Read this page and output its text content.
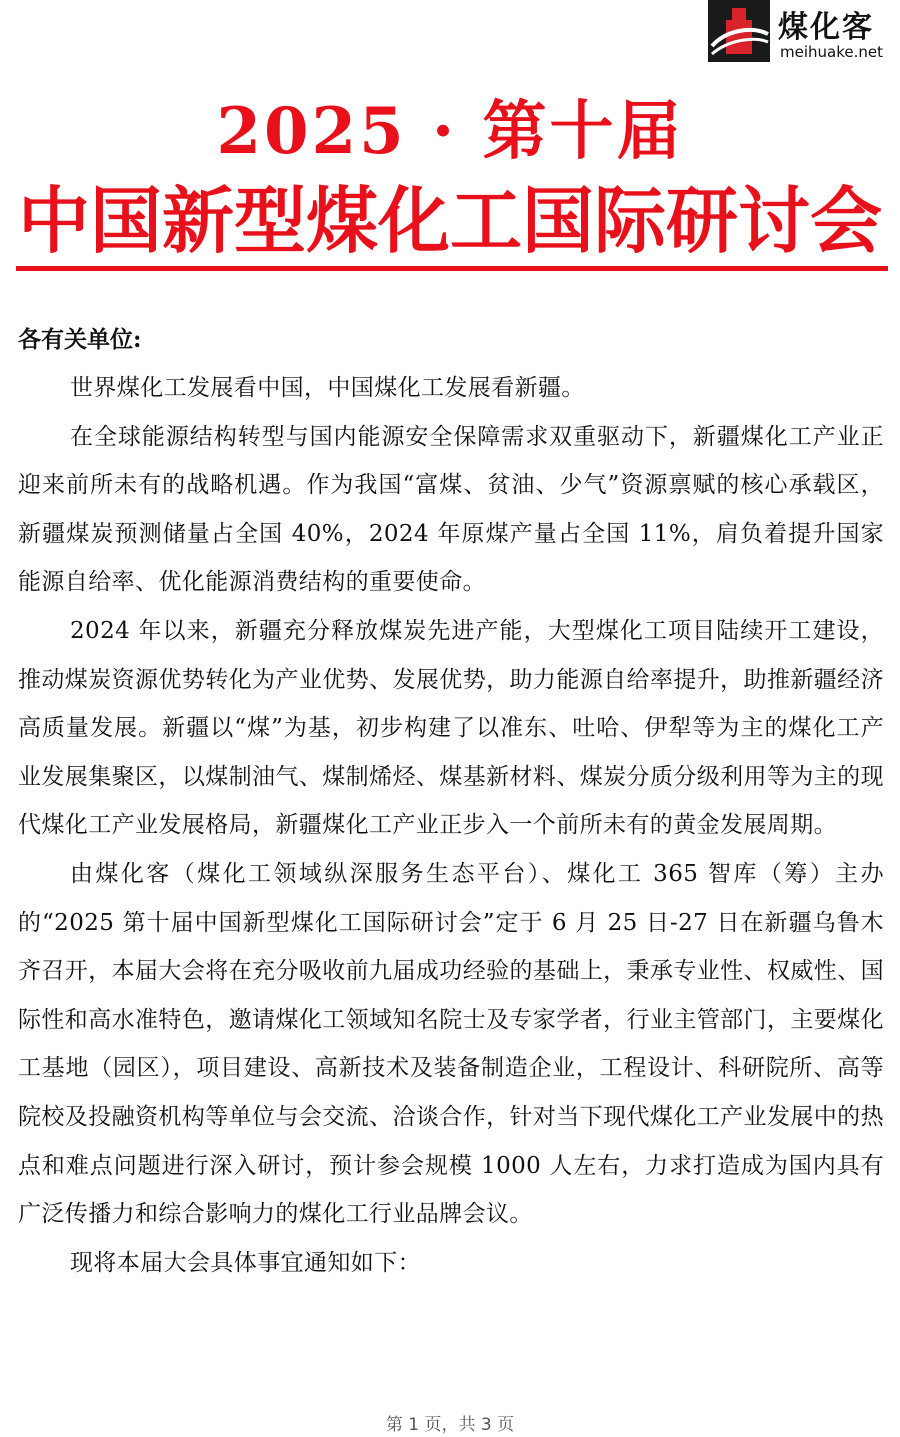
煤化客
meihuake.net
2025 · 第十届
中国新型煤化工国际研讨会
各有关单位:

世界煤化工发展看中国，中国煤化工发展看新疆。

在全球能源结构转型与国内能源安全保障需求双重驱动下，新疆煤化工产业正迎来前所未有的战略机遇。作为我国“富煤、贫油、少气”资源禀赋的核心承载区，新疆煤炭预测储量占全国 40%，2024 年原煤产量占全国 11%，肩负着提升国家能源自给率、优化能源消费结构的重要使命。

2024 年以来，新疆充分释放煤炭先进产能，大型煤化工项目陆续开工建设，推动煤炭资源优势转化为产业优势、发展优势，助力能源自给率提升，助推新疆经济高质量发展。新疆以“煤”为基，初步构建了以准东、吐哈、伊犁等为主的煤化工产业发展集聚区，以煤制油气、煤制烯烃、煤基新材料、煤炭分质分级利用等为主的现代煤化工产业发展格局，新疆煤化工产业正步入一个前所未有的黄金发展周期。

由煤化客（煤化工领域纵深服务生态平台）、煤化工 365 智库（筹）主办的“2025 第十届中国新型煤化工国际研讨会”定于 6 月 25 日-27 日在新疆乌鲁木齐召开，本届大会将在充分吸收前九届成功经验的基础上，秉承专业性、权威性、国际性和高水准特色，邀请煤化工领域知名院士及专家学者，行业主管部门，主要煤化工基地（园区），项目建设、高新技术及装备制造企业，工程设计、科研院所、高等院校及投融资机构等单位与会交流、洽谈合作，针对当下现代煤化工产业发展中的热点和难点问题进行深入研讨，预计参会规模 1000 人左右，力求打造成为国内具有广泛传播力和综合影响力的煤化工行业品牌会议。

现将本届大会具体事宜通知如下：

第 1 页，共 3 页
